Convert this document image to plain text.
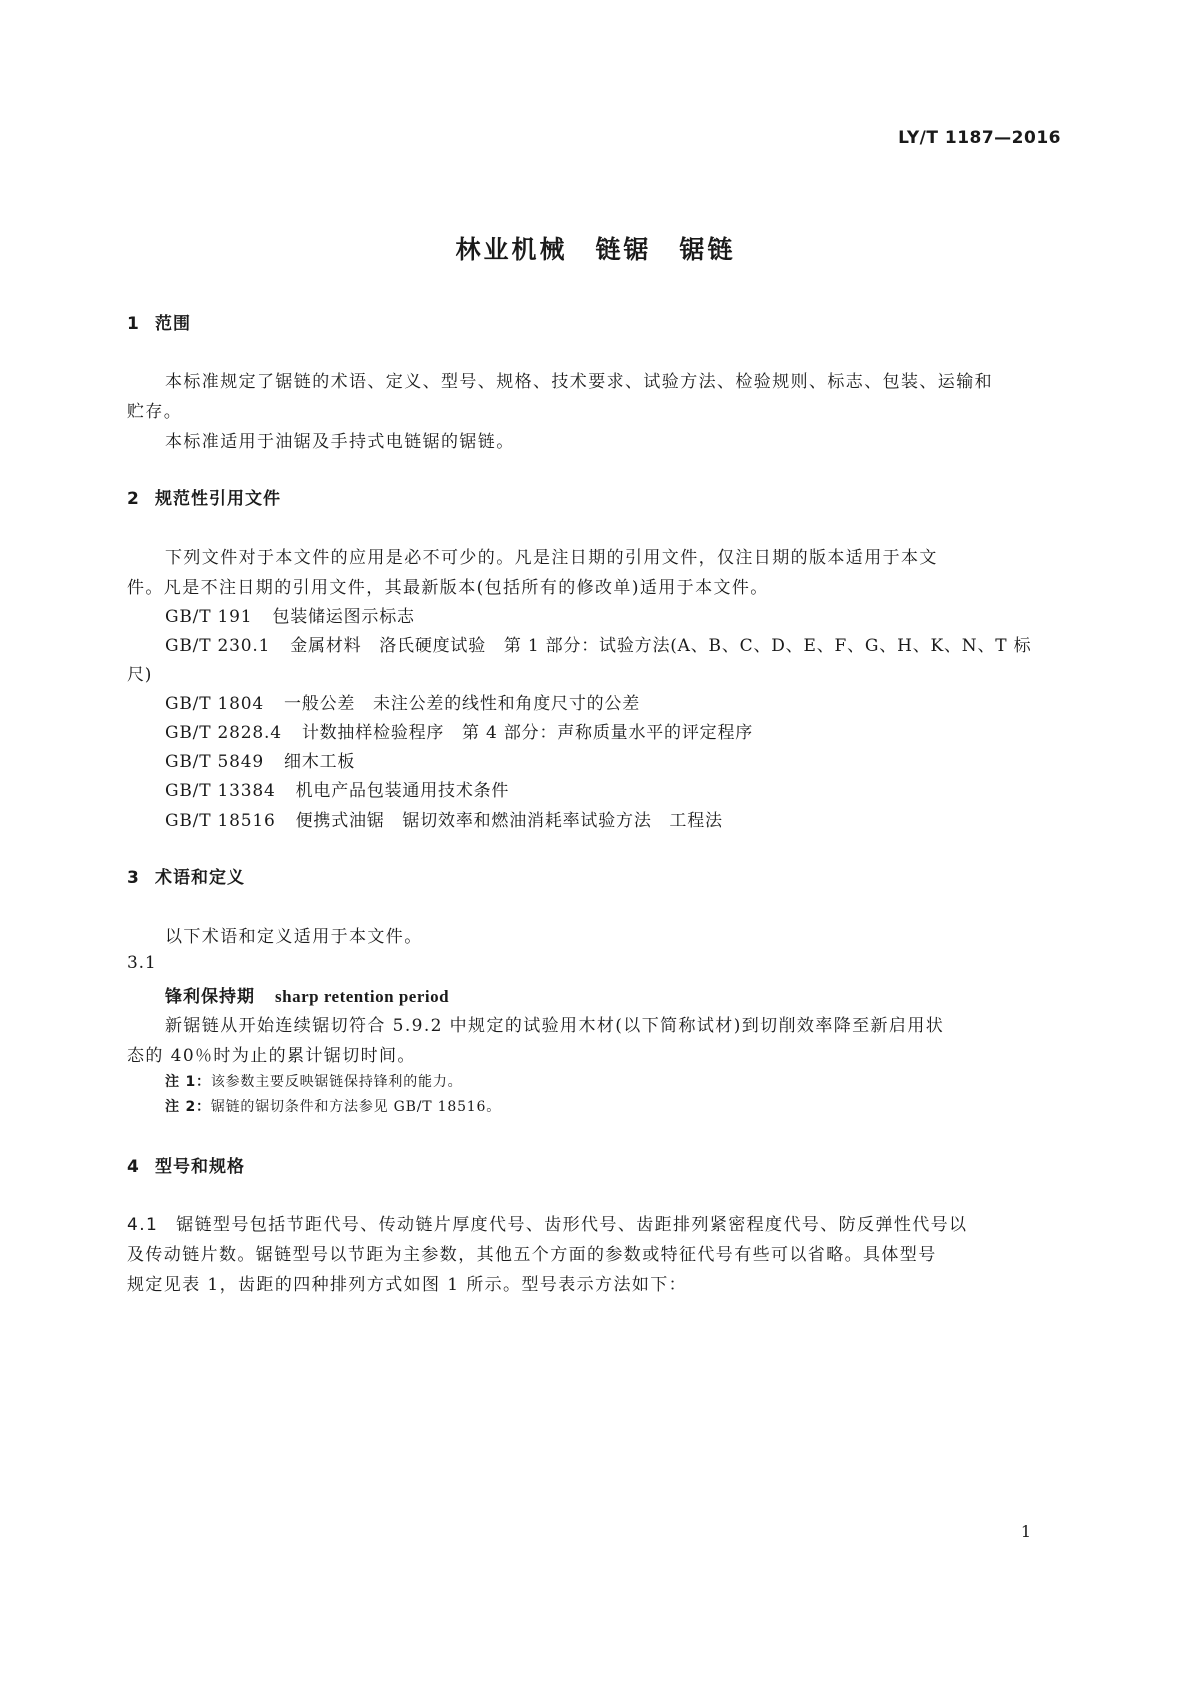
LY/T 1187—2016
林业机械　链锯　锯链
1 范围
本标准规定了锯链的术语、定义、型号、规格、技术要求、试验方法、检验规则、标志、包装、运输和
贮存。
本标准适用于油锯及手持式电链锯的锯链。
2 规范性引用文件
下列文件对于本文件的应用是必不可少的。凡是注日期的引用文件，仅注日期的版本适用于本文
件。凡是不注日期的引用文件，其最新版本(包括所有的修改单)适用于本文件。
GB/T 191 包装储运图示标志
GB/T 230.1 金属材料　洛氏硬度试验　第 1 部分：试验方法(A、B、C、D、E、F、G、H、K、N、T 标
尺)
GB/T 1804 一般公差　未注公差的线性和角度尺寸的公差
GB/T 2828.4 计数抽样检验程序　第 4 部分：声称质量水平的评定程序
GB/T 5849 细木工板
GB/T 13384 机电产品包装通用技术条件
GB/T 18516 便携式油锯　锯切效率和燃油消耗率试验方法　工程法
3 术语和定义
以下术语和定义适用于本文件。
3.1
锋利保持期 sharp retention period
新锯链从开始连续锯切符合 5.9.2 中规定的试验用木材(以下简称试材)到切削效率降至新启用状
态的 40％时为止的累计锯切时间。
注 1：该参数主要反映锯链保持锋利的能力。
注 2：锯链的锯切条件和方法参见 GB/T 18516。
4 型号和规格
4.1 锯链型号包括节距代号、传动链片厚度代号、齿形代号、齿距排列紧密程度代号、防反弹性代号以
及传动链片数。锯链型号以节距为主参数，其他五个方面的参数或特征代号有些可以省略。具体型号
规定见表 1，齿距的四种排列方式如图 1 所示。型号表示方法如下：
1
